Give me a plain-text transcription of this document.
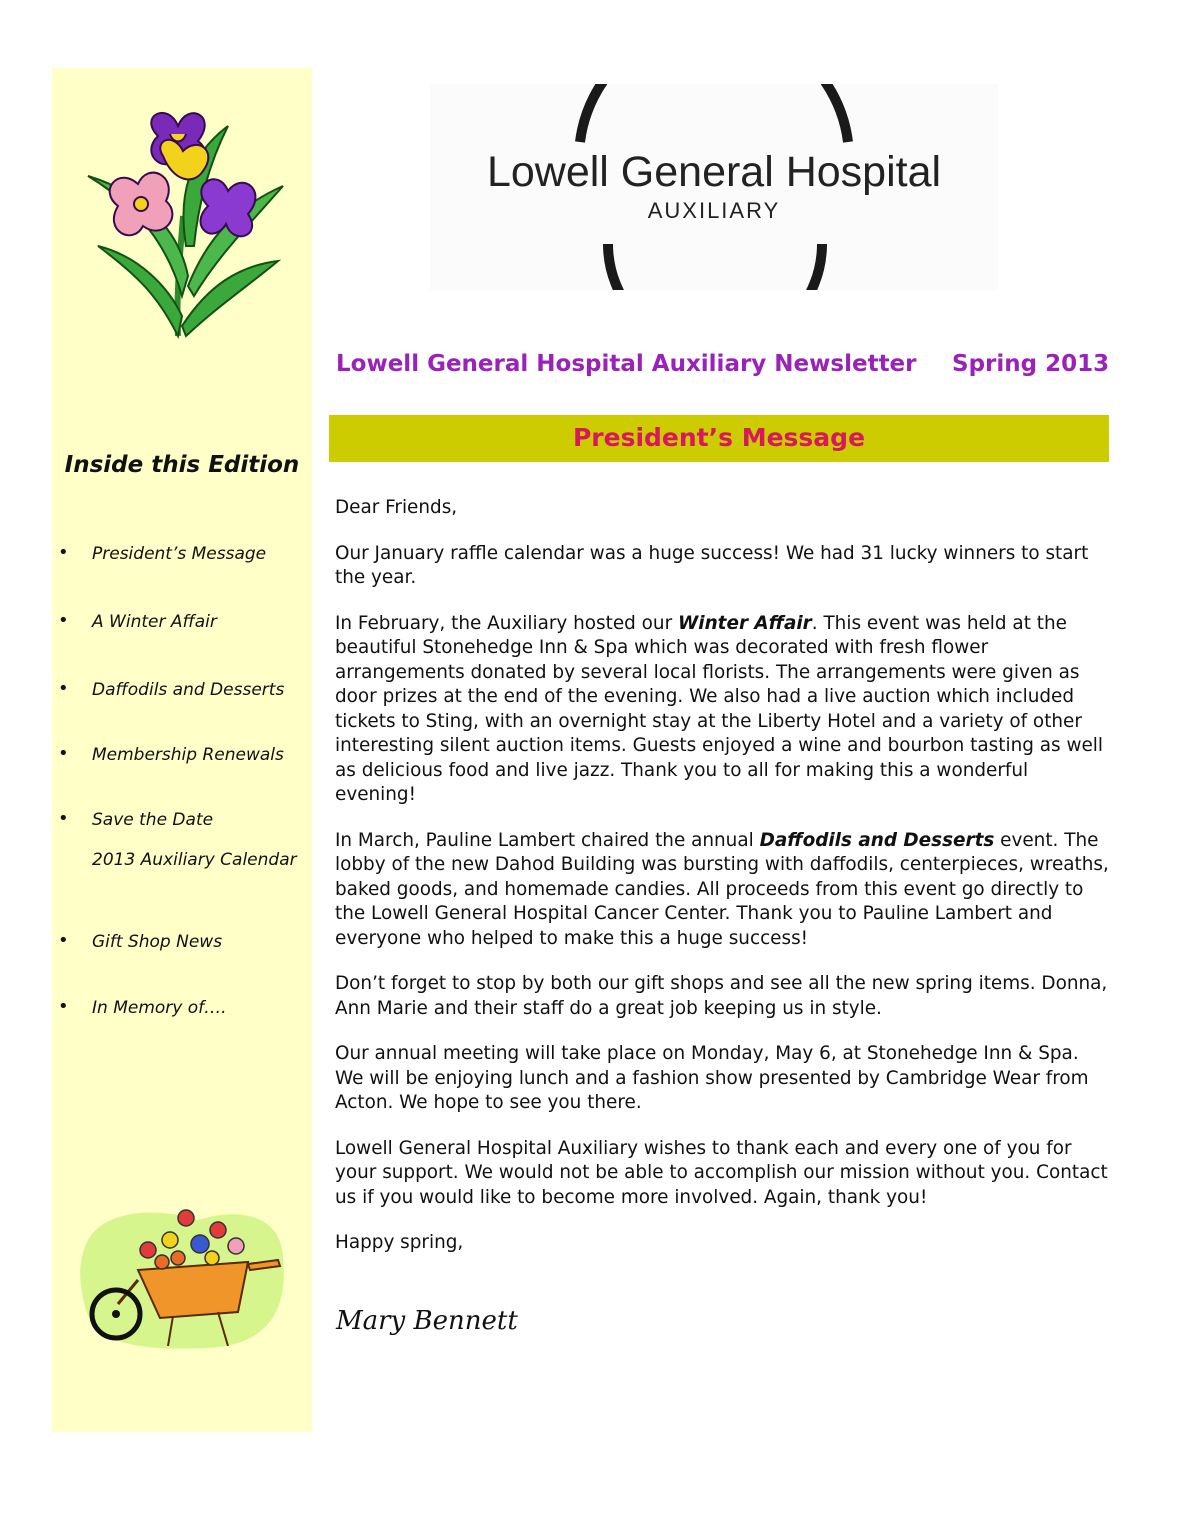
Inside this Edition
• President’s Message
• A Winter Affair
• Daffodils and Desserts
• Membership Renewals
• Save the Date
2013 Auxiliary Calendar
• Gift Shop News
• In Memory of….
Lowell General Hospital
AUXILIARY
Lowell General Hospital Auxiliary Newsletter Spring 2013
President’s Message

Dear Friends,

Our January raffle calendar was a huge success! We had 31 lucky winners to start the year.

In February, the Auxiliary hosted our Winter Affair. This event was held at the beautiful Stonehedge Inn & Spa which was decorated with fresh flower arrangements donated by several local florists. The arrangements were given as door prizes at the end of the evening. We also had a live auction which included tickets to Sting, with an overnight stay at the Liberty Hotel and a variety of other interesting silent auction items. Guests enjoyed a wine and bourbon tasting as well as delicious food and live jazz. Thank you to all for making this a wonderful evening!

In March, Pauline Lambert chaired the annual Daffodils and Desserts event. The lobby of the new Dahod Building was bursting with daffodils, centerpieces, wreaths, baked goods, and homemade candies. All proceeds from this event go directly to the Lowell General Hospital Cancer Center. Thank you to Pauline Lambert and everyone who helped to make this a huge success!

Don’t forget to stop by both our gift shops and see all the new spring items. Donna, Ann Marie and their staff do a great job keeping us in style.

Our annual meeting will take place on Monday, May 6, at Stonehedge Inn & Spa. We will be enjoying lunch and a fashion show presented by Cambridge Wear from Acton. We hope to see you there.

Lowell General Hospital Auxiliary wishes to thank each and every one of you for your support. We would not be able to accomplish our mission without you. Contact us if you would like to become more involved. Again, thank you!

Happy spring,

Mary Bennett
